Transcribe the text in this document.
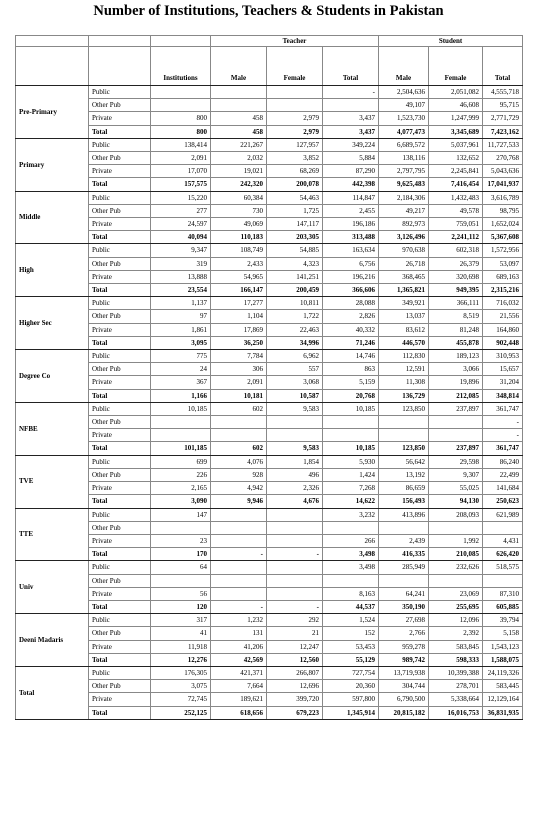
Number of Institutions, Teachers & Students in Pakistan
			Teacher			Student		
		Institutions	Male	Female	Total	Male	Female	Total
Pre-Primary	Public				-	2,504,636	2,051,082	4,555,718
	Other Pub					49,107	46,608	95,715
	Private	800	458	2,979	3,437	1,523,730	1,247,999	2,771,729
	Total	800	458	2,979	3,437	4,077,473	3,345,689	7,423,162
Primary	Public	138,414	221,267	127,957	349,224	6,689,572	5,037,961	11,727,533
	Other Pub	2,091	2,032	3,852	5,884	138,116	132,652	270,768
	Private	17,070	19,021	68,269	87,290	2,797,795	2,245,841	5,043,636
	Total	157,575	242,320	200,078	442,398	9,625,483	7,416,454	17,041,937
Middle	Public	15,220	60,384	54,463	114,847	2,184,306	1,432,483	3,616,789
	Other Pub	277	730	1,725	2,455	49,217	49,578	98,795
	Private	24,597	49,069	147,117	196,186	892,973	759,051	1,652,024
	Total	40,094	110,183	203,305	313,488	3,126,496	2,241,112	5,367,608
High	Public	9,347	108,749	54,885	163,634	970,638	602,318	1,572,956
	Other Pub	319	2,433	4,323	6,756	26,718	26,379	53,097
	Private	13,888	54,965	141,251	196,216	368,465	320,698	689,163
	Total	23,554	166,147	200,459	366,606	1,365,821	949,395	2,315,216
Higher Sec	Public	1,137	17,277	10,811	28,088	349,921	366,111	716,032
	Other Pub	97	1,104	1,722	2,826	13,037	8,519	21,556
	Private	1,861	17,869	22,463	40,332	83,612	81,248	164,860
	Total	3,095	36,250	34,996	71,246	446,570	455,878	902,448
Degree Co	Public	775	7,784	6,962	14,746	112,830	189,123	310,953
	Other Pub	24	306	557	863	12,591	3,066	15,657
	Private	367	2,091	3,068	5,159	11,308	19,896	31,204
	Total	1,166	10,181	10,587	20,768	136,729	212,085	348,814
NFBE	Public	10,185	602	9,583	10,185	123,850	237,897	361,747
	Other Pub							-
	Private							-
	Total	101,185	602	9,583	10,185	123,850	237,897	361,747
TVE	Public	699	4,076	1,854	5,930	56,642	29,598	86,240
	Other Pub	226	928	496	1,424	13,192	9,307	22,499
	Private	2,165	4,942	2,326	7,268	86,659	55,025	141,684
	Total	3,090	9,946	4,676	14,622	156,493	94,130	250,623
TTE	Public	147			3,232	413,896	208,093	621,989
	Other Pub							
	Private	23			266	2,439	1,992	4,431
	Total	170	-	-	3,498	416,335	210,085	626,420
Univ	Public	64			3,498	285,949	232,626	518,575
	Other Pub							
	Private	56			8,163	64,241	23,069	87,310
	Total	120	-	-	44,537	350,190	255,695	605,885
Deeni Madaris	Public	317	1,232	292	1,524	27,698	12,096	39,794
	Other Pub	41	131	21	152	2,766	2,392	5,158
	Private	11,918	41,206	12,247	53,453	959,278	583,845	1,543,123
	Total	12,276	42,569	12,560	55,129	989,742	598,333	1,588,075
Total	Public	176,305	421,371	266,807	727,754	13,719,938	10,399,388	24,119,326
	Other Pub	3,075	7,664	12,696	20,360	304,744	278,701	583,445
	Private	72,745	189,621	399,720	597,800	6,790,500	5,338,664	12,129,164
	Total	252,125	618,656	679,223	1,345,914	20,815,182	16,016,753	36,831,935
